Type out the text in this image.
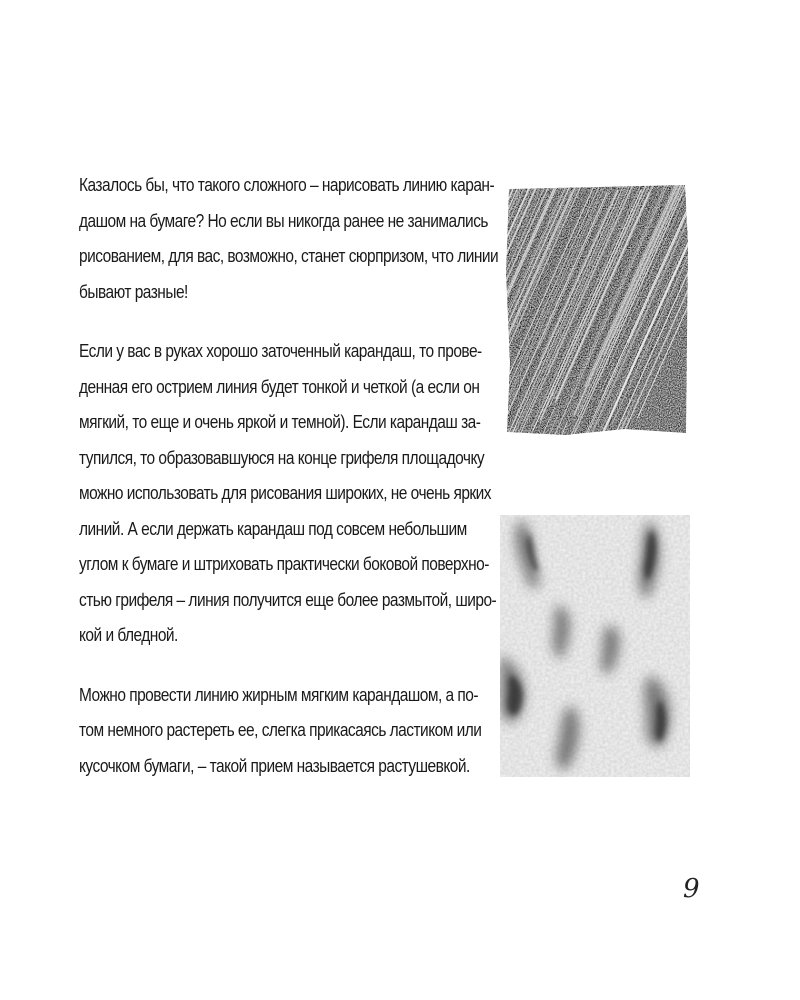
Казалось бы, что такого сложного – нарисовать линию каран-
дашом на бумаге? Но если вы никогда ранее не занимались
рисованием, для вас, возможно, станет сюрпризом, что линии
бывают разные!

Если у вас в руках хорошо заточенный карандаш, то прове-
денная его острием линия будет тонкой и четкой (а если он
мягкий, то еще и очень яркой и темной). Если карандаш за-
тупился, то образовавшуюся на конце грифеля площадочку
можно использовать для рисования широких, не очень ярких
линий. А если держать карандаш под совсем небольшим
углом к бумаге и штриховать практически боковой поверхно-
стью грифеля – линия получится еще более размытой, широ-
кой и бледной.

Можно провести линию жирным мягким карандашом, а по-
том немного растереть ее, слегка прикасаясь ластиком или
кусочком бумаги, – такой прием называется растушевкой.

9
